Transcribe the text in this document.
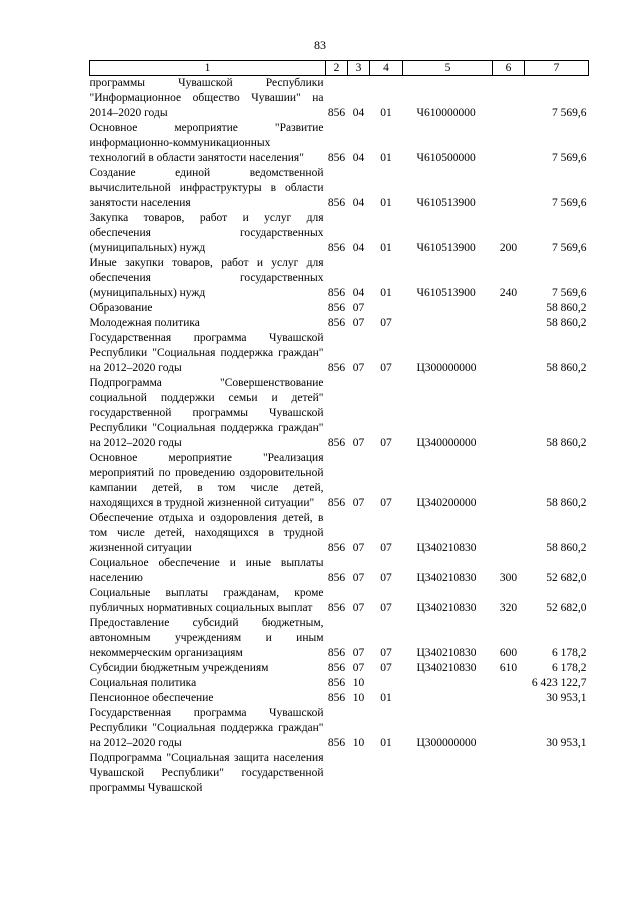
83
1	2	3	4	5	6	7
программы Чувашской Республики "Информационное общество Чувашии" на 2014–2020 годы	856	04	01	Ч610000000		7 569,6
Основное мероприятие "Развитие информационно-коммуникационных технологий в области занятости населения"	856	04	01	Ч610500000		7 569,6
Создание единой ведомственной вычислительной инфраструктуры в области занятости населения	856	04	01	Ч610513900		7 569,6
Закупка товаров, работ и услуг для обеспечения государственных (муниципальных) нужд	856	04	01	Ч610513900	200	7 569,6
Иные закупки товаров, работ и услуг для обеспечения государственных (муниципальных) нужд	856	04	01	Ч610513900	240	7 569,6
Образование	856	07				58 860,2
Молодежная политика	856	07	07			58 860,2
Государственная программа Чувашской Республики "Социальная поддержка граждан" на 2012–2020 годы	856	07	07	Ц300000000		58 860,2
Подпрограмма "Совершенствование социальной поддержки семьи и детей" государственной программы Чувашской Республики "Социальная поддержка граждан" на 2012–2020 годы	856	07	07	Ц340000000		58 860,2
Основное мероприятие "Реализация мероприятий по проведению оздоровительной кампании детей, в том числе детей, находящихся в трудной жизненной ситуации"	856	07	07	Ц340200000		58 860,2
Обеспечение отдыха и оздоровления детей, в том числе детей, находящихся в трудной жизненной ситуации	856	07	07	Ц340210830		58 860,2
Социальное обеспечение и иные выплаты населению	856	07	07	Ц340210830	300	52 682,0
Социальные выплаты гражданам, кроме публичных нормативных социальных выплат	856	07	07	Ц340210830	320	52 682,0
Предоставление субсидий бюджетным, автономным учреждениям и иным некоммерческим организациям	856	07	07	Ц340210830	600	6 178,2
Субсидии бюджетным учреждениям	856	07	07	Ц340210830	610	6 178,2
Социальная политика	856	10				6 423 122,7
Пенсионное обеспечение	856	10	01			30 953,1
Государственная программа Чувашской Республики "Социальная поддержка граждан" на 2012–2020 годы	856	10	01	Ц300000000		30 953,1
Подпрограмма "Социальная защита населения Чувашской Республики" государственной программы Чувашской						
